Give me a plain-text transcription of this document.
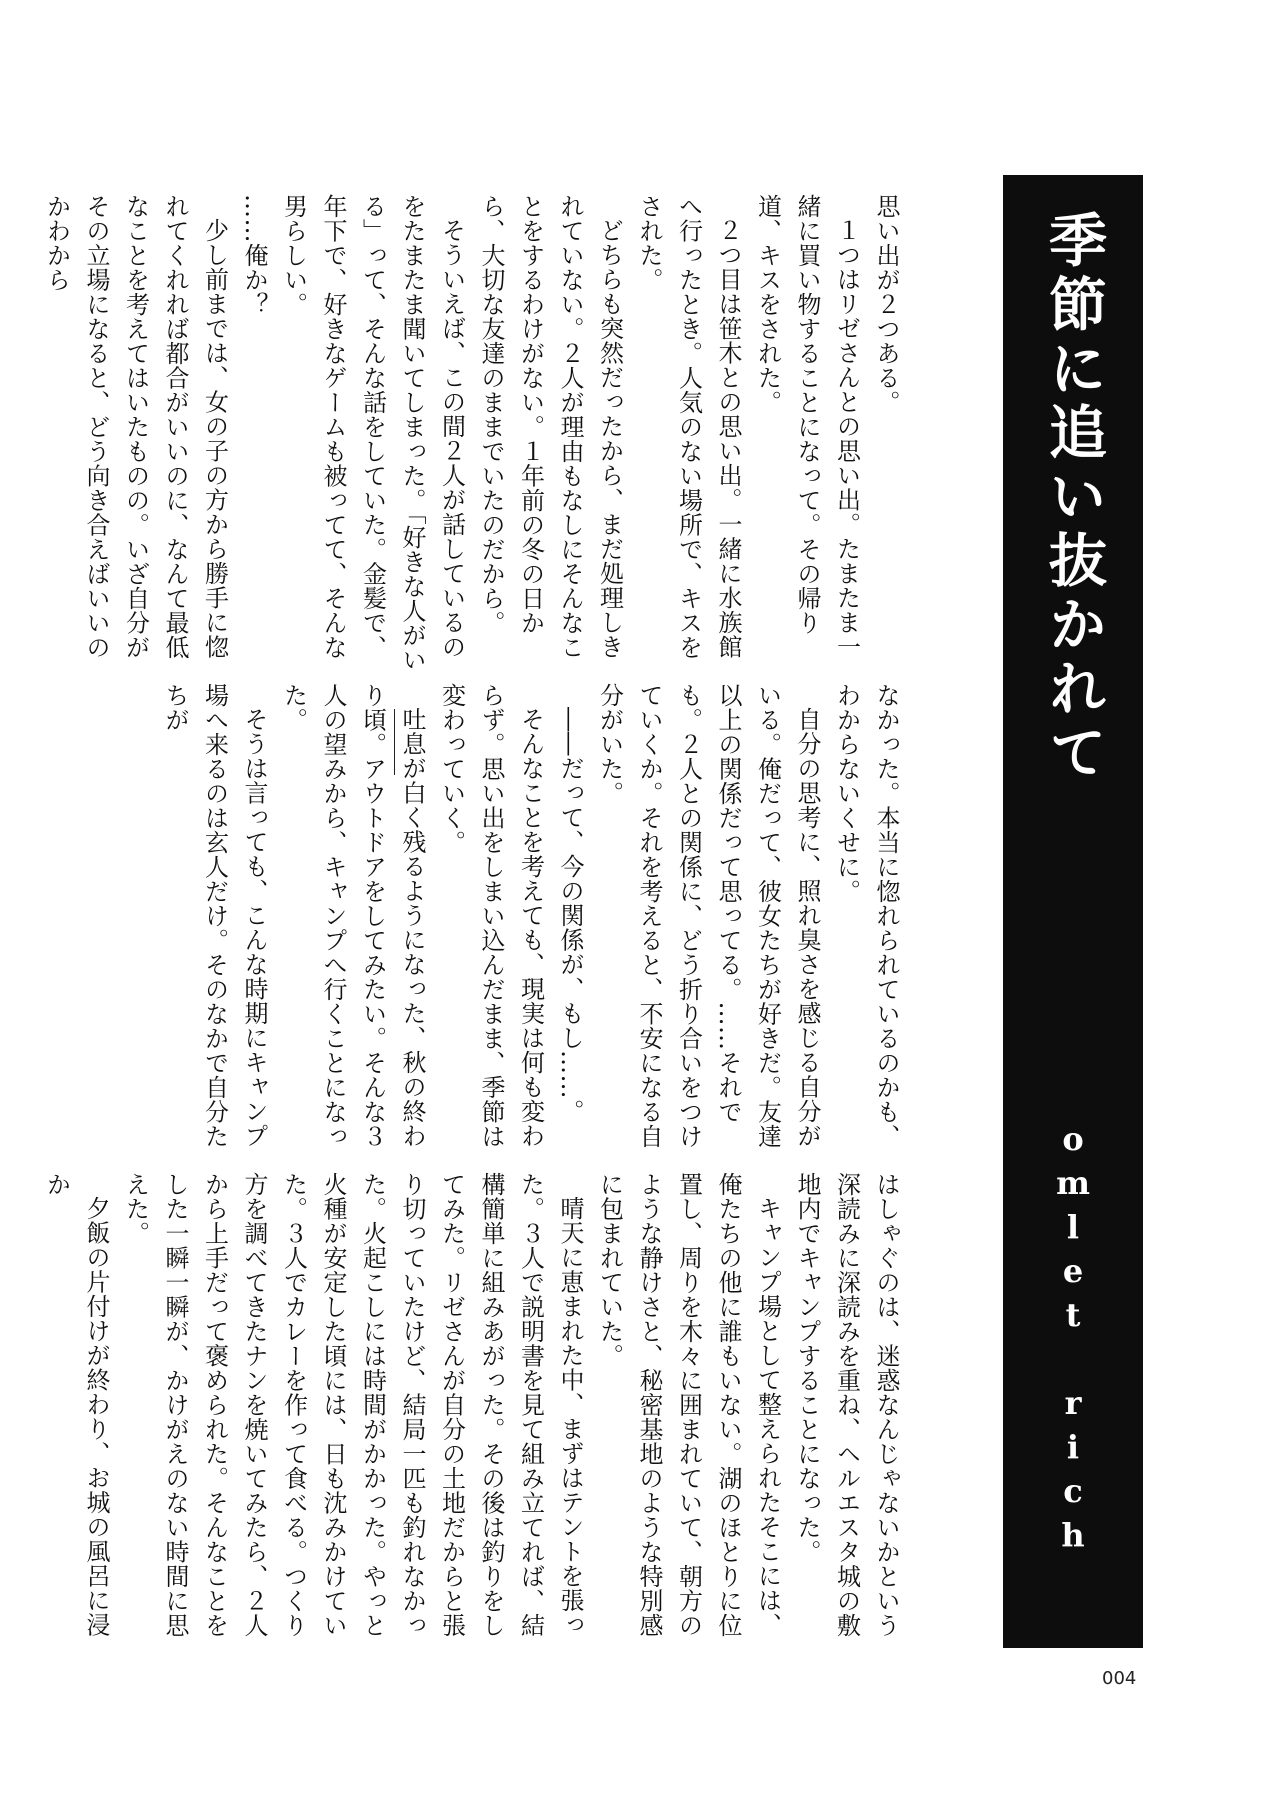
季節に追い抜かれて
omlet rich

思い出が２つある。

１つはリゼさんとの思い出。たまたま一緒に買い物することになって。その帰り道、キスをされた。

２つ目は笹木との思い出。一緒に水族館へ行ったとき。人気のない場所で、キスをされた。

どちらも突然だったから、まだ処理しきれていない。２人が理由もなしにそんなことをするわけがない。１年前の冬の日から、大切な友達のままでいたのだから。

そういえば、この間２人が話しているのをたまたま聞いてしまった。「好きな人がいる」って、そんな話をしていた。金髪で、年下で、好きなゲームも被ってて、そんな男らしい。

……俺か？

少し前までは、女の子の方から勝手に惚れてくれれば都合がいいのに、なんて最低なことを考えてはいたものの。いざ自分がその立場になると、どう向き合えばいいのかわから

なかった。本当に惚れられているのかも、わからないくせに。

自分の思考に、照れ臭さを感じる自分がいる。俺だって、彼女たちが好きだ。友達以上の関係だって思ってる。……それでも。２人との関係に、どう折り合いをつけていくか。それを考えると、不安になる自分がいた。

――だって、今の関係が、もし……。

そんなことを考えても、現実は何も変わらず。思い出をしまい込んだまま、季節は変わっていく。

吐息が白く残るようになった、秋の終わり頃。アウトドアをしてみたい。そんな３人の望みから、キャンプへ行くことになった。

そうは言っても、こんな時期にキャンプ場へ来るのは玄人だけ。そのなかで自分たちが

はしゃぐのは、迷惑なんじゃないかという深読みに深読みを重ね、ヘルエスタ城の敷地内でキャンプすることになった。

キャンプ場として整えられたそこには、俺たちの他に誰もいない。湖のほとりに位置し、周りを木々に囲まれていて、朝方のような静けさと、秘密基地のような特別感に包まれていた。

晴天に恵まれた中、まずはテントを張った。３人で説明書を見て組み立てれば、結構簡単に組みあがった。その後は釣りをしてみた。リゼさんが自分の土地だからと張り切っていたけど、結局一匹も釣れなかった。火起こしには時間がかかった。やっと火種が安定した頃には、日も沈みかけていた。３人でカレーを作って食べる。つくり方を調べてきたナンを焼いてみたら、２人から上手だって褒められた。そんなことをした一瞬一瞬が、かけがえのない時間に思えた。

夕飯の片付けが終わり、お城の風呂に浸か

004
